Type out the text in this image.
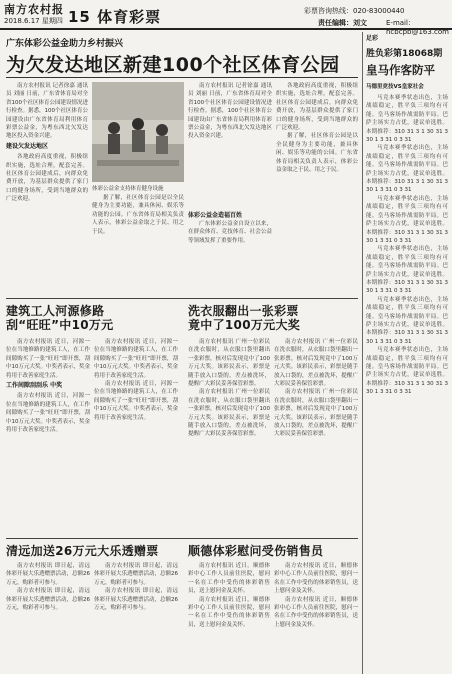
南方农村报
2018.6.17 星期四 15 体育彩票	彩票咨询热线：020-83000440
责任编辑：刘文	E-mail：ncbcpb@163.com
广东体彩公益金助力乡村振兴
为欠发达地区新建100个社区体育公园

南方农村报讯 记者徐嘉 通讯员 刘丽 日前，广东省体育局对全省100个社区体育公园建设情况进行检查。据悉，100个社区体育公园建设由广东省体育局利用体育彩票公益金，为粤东西北欠发达地区投入资金兴建。

建设欠发达地区

各地政府高度重视，积极组织实施，选址合理，配套完善。社区体育公园建成后，向群众免费开放，为基层群众提供了家门口的健身场所，受到当地群众的广泛欢迎。

体彩公益金支持体育健身设施

据了解，社区体育公园是以全民健身为主要功能，兼具休闲、娱乐等功能的公园。广东省体育局相关负责人表示，体彩公益金取之于民、用之于民。

南方农村报讯 记者徐嘉 通讯员 刘丽 日前，广东省体育局对全省100个社区体育公园建设情况进行检查。据悉，100个社区体育公园建设由广东省体育局利用体育彩票公益金，为粤东西北欠发达地区投入资金兴建。

体彩公益金造福百姓

广东体彩公益金自设立以来，在群众体育、竞技体育、社会公益等领域发挥了重要作用。

各地政府高度重视，积极组织实施，选址合理，配套完善。社区体育公园建成后，向群众免费开放，为基层群众提供了家门口的健身场所，受到当地群众的广泛欢迎。

据了解，社区体育公园是以全民健身为主要功能，兼具休闲、娱乐等功能的公园。广东省体育局相关负责人表示，体彩公益金取之于民、用之于民。

建筑工人河源修路
刮“旺旺”中10万元

南方农村报讯 近日，河源一位在当地修路的建筑工人，在工作间隙购买了一张“旺旺”即开票，刮中10万元大奖。中奖者表示，奖金将用于改善家庭生活。

工作间隙刮刮乐 中奖

南方农村报讯 近日，河源一位在当地修路的建筑工人，在工作间隙购买了一张“旺旺”即开票，刮中10万元大奖。中奖者表示，奖金将用于改善家庭生活。

南方农村报讯 近日，河源一位在当地修路的建筑工人，在工作间隙购买了一张“旺旺”即开票，刮中10万元大奖。中奖者表示，奖金将用于改善家庭生活。

南方农村报讯 近日，河源一位在当地修路的建筑工人，在工作间隙购买了一张“旺旺”即开票，刮中10万元大奖。中奖者表示，奖金将用于改善家庭生活。

洗衣服翻出一张彩票
竟中了100万元大奖

南方农村报讯 广州一位彩民在洗衣服时，从衣服口袋里翻出一张彩票，核对后发现竟中了100万元大奖。该彩民表示，彩票是随手放入口袋的，差点被洗坏，提醒广大彩民妥善保管彩票。

南方农村报讯 广州一位彩民在洗衣服时，从衣服口袋里翻出一张彩票，核对后发现竟中了100万元大奖。该彩民表示，彩票是随手放入口袋的，差点被洗坏，提醒广大彩民妥善保管彩票。

南方农村报讯 广州一位彩民在洗衣服时，从衣服口袋里翻出一张彩票，核对后发现竟中了100万元大奖。该彩民表示，彩票是随手放入口袋的，差点被洗坏，提醒广大彩民妥善保管彩票。

南方农村报讯 广州一位彩民在洗衣服时，从衣服口袋里翻出一张彩票，核对后发现竟中了100万元大奖。该彩民表示，彩票是随手放入口袋的，差点被洗坏，提醒广大彩民妥善保管彩票。

清远加送26万元大乐透赠票

南方农村报讯 即日起，清远体彩开展大乐透赠票活动，总额26万元，购彩者可参与。

南方农村报讯 即日起，清远体彩开展大乐透赠票活动，总额26万元，购彩者可参与。

南方农村报讯 即日起，清远体彩开展大乐透赠票活动，总额26万元，购彩者可参与。

南方农村报讯 即日起，清远体彩开展大乐透赠票活动，总额26万元，购彩者可参与。

顺德体彩慰问受伤销售员

南方农村报讯 近日，顺德体彩中心工作人员前往医院，慰问一名在工作中受伤的体彩销售员，送上慰问金及关怀。

南方农村报讯 近日，顺德体彩中心工作人员前往医院，慰问一名在工作中受伤的体彩销售员，送上慰问金及关怀。

南方农村报讯 近日，顺德体彩中心工作人员前往医院，慰问一名在工作中受伤的体彩销售员，送上慰问金及关怀。

南方农村报讯 近日，顺德体彩中心工作人员前往医院，慰问一名在工作中受伤的体彩销售员，送上慰问金及关怀。

足彩
胜负彩第18068期
皇马作客防平
马德里竞技VS皇家社会

马竞本赛季状态出色，主场战绩稳定，胜平负三项均有可能。皇马客场作战需防平局。巴萨主场实力占优，建议单选胜。本期推荐：310 31 3 1 30 31 3 30 1 3 31 0 3 31

马竞本赛季状态出色，主场战绩稳定，胜平负三项均有可能。皇马客场作战需防平局。巴萨主场实力占优，建议单选胜。本期推荐：310 31 3 1 30 31 3 30 1 3 31 0 3 31

马竞本赛季状态出色，主场战绩稳定，胜平负三项均有可能。皇马客场作战需防平局。巴萨主场实力占优，建议单选胜。本期推荐：310 31 3 1 30 31 3 30 1 3 31 0 3 31

马竞本赛季状态出色，主场战绩稳定，胜平负三项均有可能。皇马客场作战需防平局。巴萨主场实力占优，建议单选胜。本期推荐：310 31 3 1 30 31 3 30 1 3 31 0 3 31

马竞本赛季状态出色，主场战绩稳定，胜平负三项均有可能。皇马客场作战需防平局。巴萨主场实力占优，建议单选胜。本期推荐：310 31 3 1 30 31 3 30 1 3 31 0 3 31

马竞本赛季状态出色，主场战绩稳定，胜平负三项均有可能。皇马客场作战需防平局。巴萨主场实力占优，建议单选胜。本期推荐：310 31 3 1 30 31 3 30 1 3 31 0 3 31
